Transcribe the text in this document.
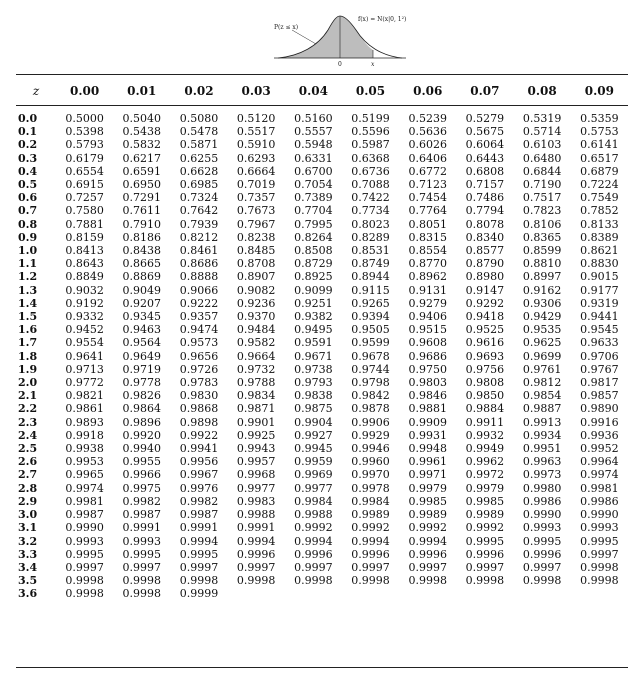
P(z ≤ x)
f(x) = N(x|0, 1²)
0	x
z	0.00	0.01	0.02	0.03	0.04	0.05	0.06	0.07	0.08	0.09
0.0	0.5000	0.5040	0.5080	0.5120	0.5160	0.5199	0.5239	0.5279	0.5319	0.5359
0.1	0.5398	0.5438	0.5478	0.5517	0.5557	0.5596	0.5636	0.5675	0.5714	0.5753
0.2	0.5793	0.5832	0.5871	0.5910	0.5948	0.5987	0.6026	0.6064	0.6103	0.6141
0.3	0.6179	0.6217	0.6255	0.6293	0.6331	0.6368	0.6406	0.6443	0.6480	0.6517
0.4	0.6554	0.6591	0.6628	0.6664	0.6700	0.6736	0.6772	0.6808	0.6844	0.6879
0.5	0.6915	0.6950	0.6985	0.7019	0.7054	0.7088	0.7123	0.7157	0.7190	0.7224
0.6	0.7257	0.7291	0.7324	0.7357	0.7389	0.7422	0.7454	0.7486	0.7517	0.7549
0.7	0.7580	0.7611	0.7642	0.7673	0.7704	0.7734	0.7764	0.7794	0.7823	0.7852
0.8	0.7881	0.7910	0.7939	0.7967	0.7995	0.8023	0.8051	0.8078	0.8106	0.8133
0.9	0.8159	0.8186	0.8212	0.8238	0.8264	0.8289	0.8315	0.8340	0.8365	0.8389
1.0	0.8413	0.8438	0.8461	0.8485	0.8508	0.8531	0.8554	0.8577	0.8599	0.8621
1.1	0.8643	0.8665	0.8686	0.8708	0.8729	0.8749	0.8770	0.8790	0.8810	0.8830
1.2	0.8849	0.8869	0.8888	0.8907	0.8925	0.8944	0.8962	0.8980	0.8997	0.9015
1.3	0.9032	0.9049	0.9066	0.9082	0.9099	0.9115	0.9131	0.9147	0.9162	0.9177
1.4	0.9192	0.9207	0.9222	0.9236	0.9251	0.9265	0.9279	0.9292	0.9306	0.9319
1.5	0.9332	0.9345	0.9357	0.9370	0.9382	0.9394	0.9406	0.9418	0.9429	0.9441
1.6	0.9452	0.9463	0.9474	0.9484	0.9495	0.9505	0.9515	0.9525	0.9535	0.9545
1.7	0.9554	0.9564	0.9573	0.9582	0.9591	0.9599	0.9608	0.9616	0.9625	0.9633
1.8	0.9641	0.9649	0.9656	0.9664	0.9671	0.9678	0.9686	0.9693	0.9699	0.9706
1.9	0.9713	0.9719	0.9726	0.9732	0.9738	0.9744	0.9750	0.9756	0.9761	0.9767
2.0	0.9772	0.9778	0.9783	0.9788	0.9793	0.9798	0.9803	0.9808	0.9812	0.9817
2.1	0.9821	0.9826	0.9830	0.9834	0.9838	0.9842	0.9846	0.9850	0.9854	0.9857
2.2	0.9861	0.9864	0.9868	0.9871	0.9875	0.9878	0.9881	0.9884	0.9887	0.9890
2.3	0.9893	0.9896	0.9898	0.9901	0.9904	0.9906	0.9909	0.9911	0.9913	0.9916
2.4	0.9918	0.9920	0.9922	0.9925	0.9927	0.9929	0.9931	0.9932	0.9934	0.9936
2.5	0.9938	0.9940	0.9941	0.9943	0.9945	0.9946	0.9948	0.9949	0.9951	0.9952
2.6	0.9953	0.9955	0.9956	0.9957	0.9959	0.9960	0.9961	0.9962	0.9963	0.9964
2.7	0.9965	0.9966	0.9967	0.9968	0.9969	0.9970	0.9971	0.9972	0.9973	0.9974
2.8	0.9974	0.9975	0.9976	0.9977	0.9977	0.9978	0.9979	0.9979	0.9980	0.9981
2.9	0.9981	0.9982	0.9982	0.9983	0.9984	0.9984	0.9985	0.9985	0.9986	0.9986
3.0	0.9987	0.9987	0.9987	0.9988	0.9988	0.9989	0.9989	0.9989	0.9990	0.9990
3.1	0.9990	0.9991	0.9991	0.9991	0.9992	0.9992	0.9992	0.9992	0.9993	0.9993
3.2	0.9993	0.9993	0.9994	0.9994	0.9994	0.9994	0.9994	0.9995	0.9995	0.9995
3.3	0.9995	0.9995	0.9995	0.9996	0.9996	0.9996	0.9996	0.9996	0.9996	0.9997
3.4	0.9997	0.9997	0.9997	0.9997	0.9997	0.9997	0.9997	0.9997	0.9997	0.9998
3.5	0.9998	0.9998	0.9998	0.9998	0.9998	0.9998	0.9998	0.9998	0.9998	0.9998
3.6	0.9998	0.9998	0.9999							
